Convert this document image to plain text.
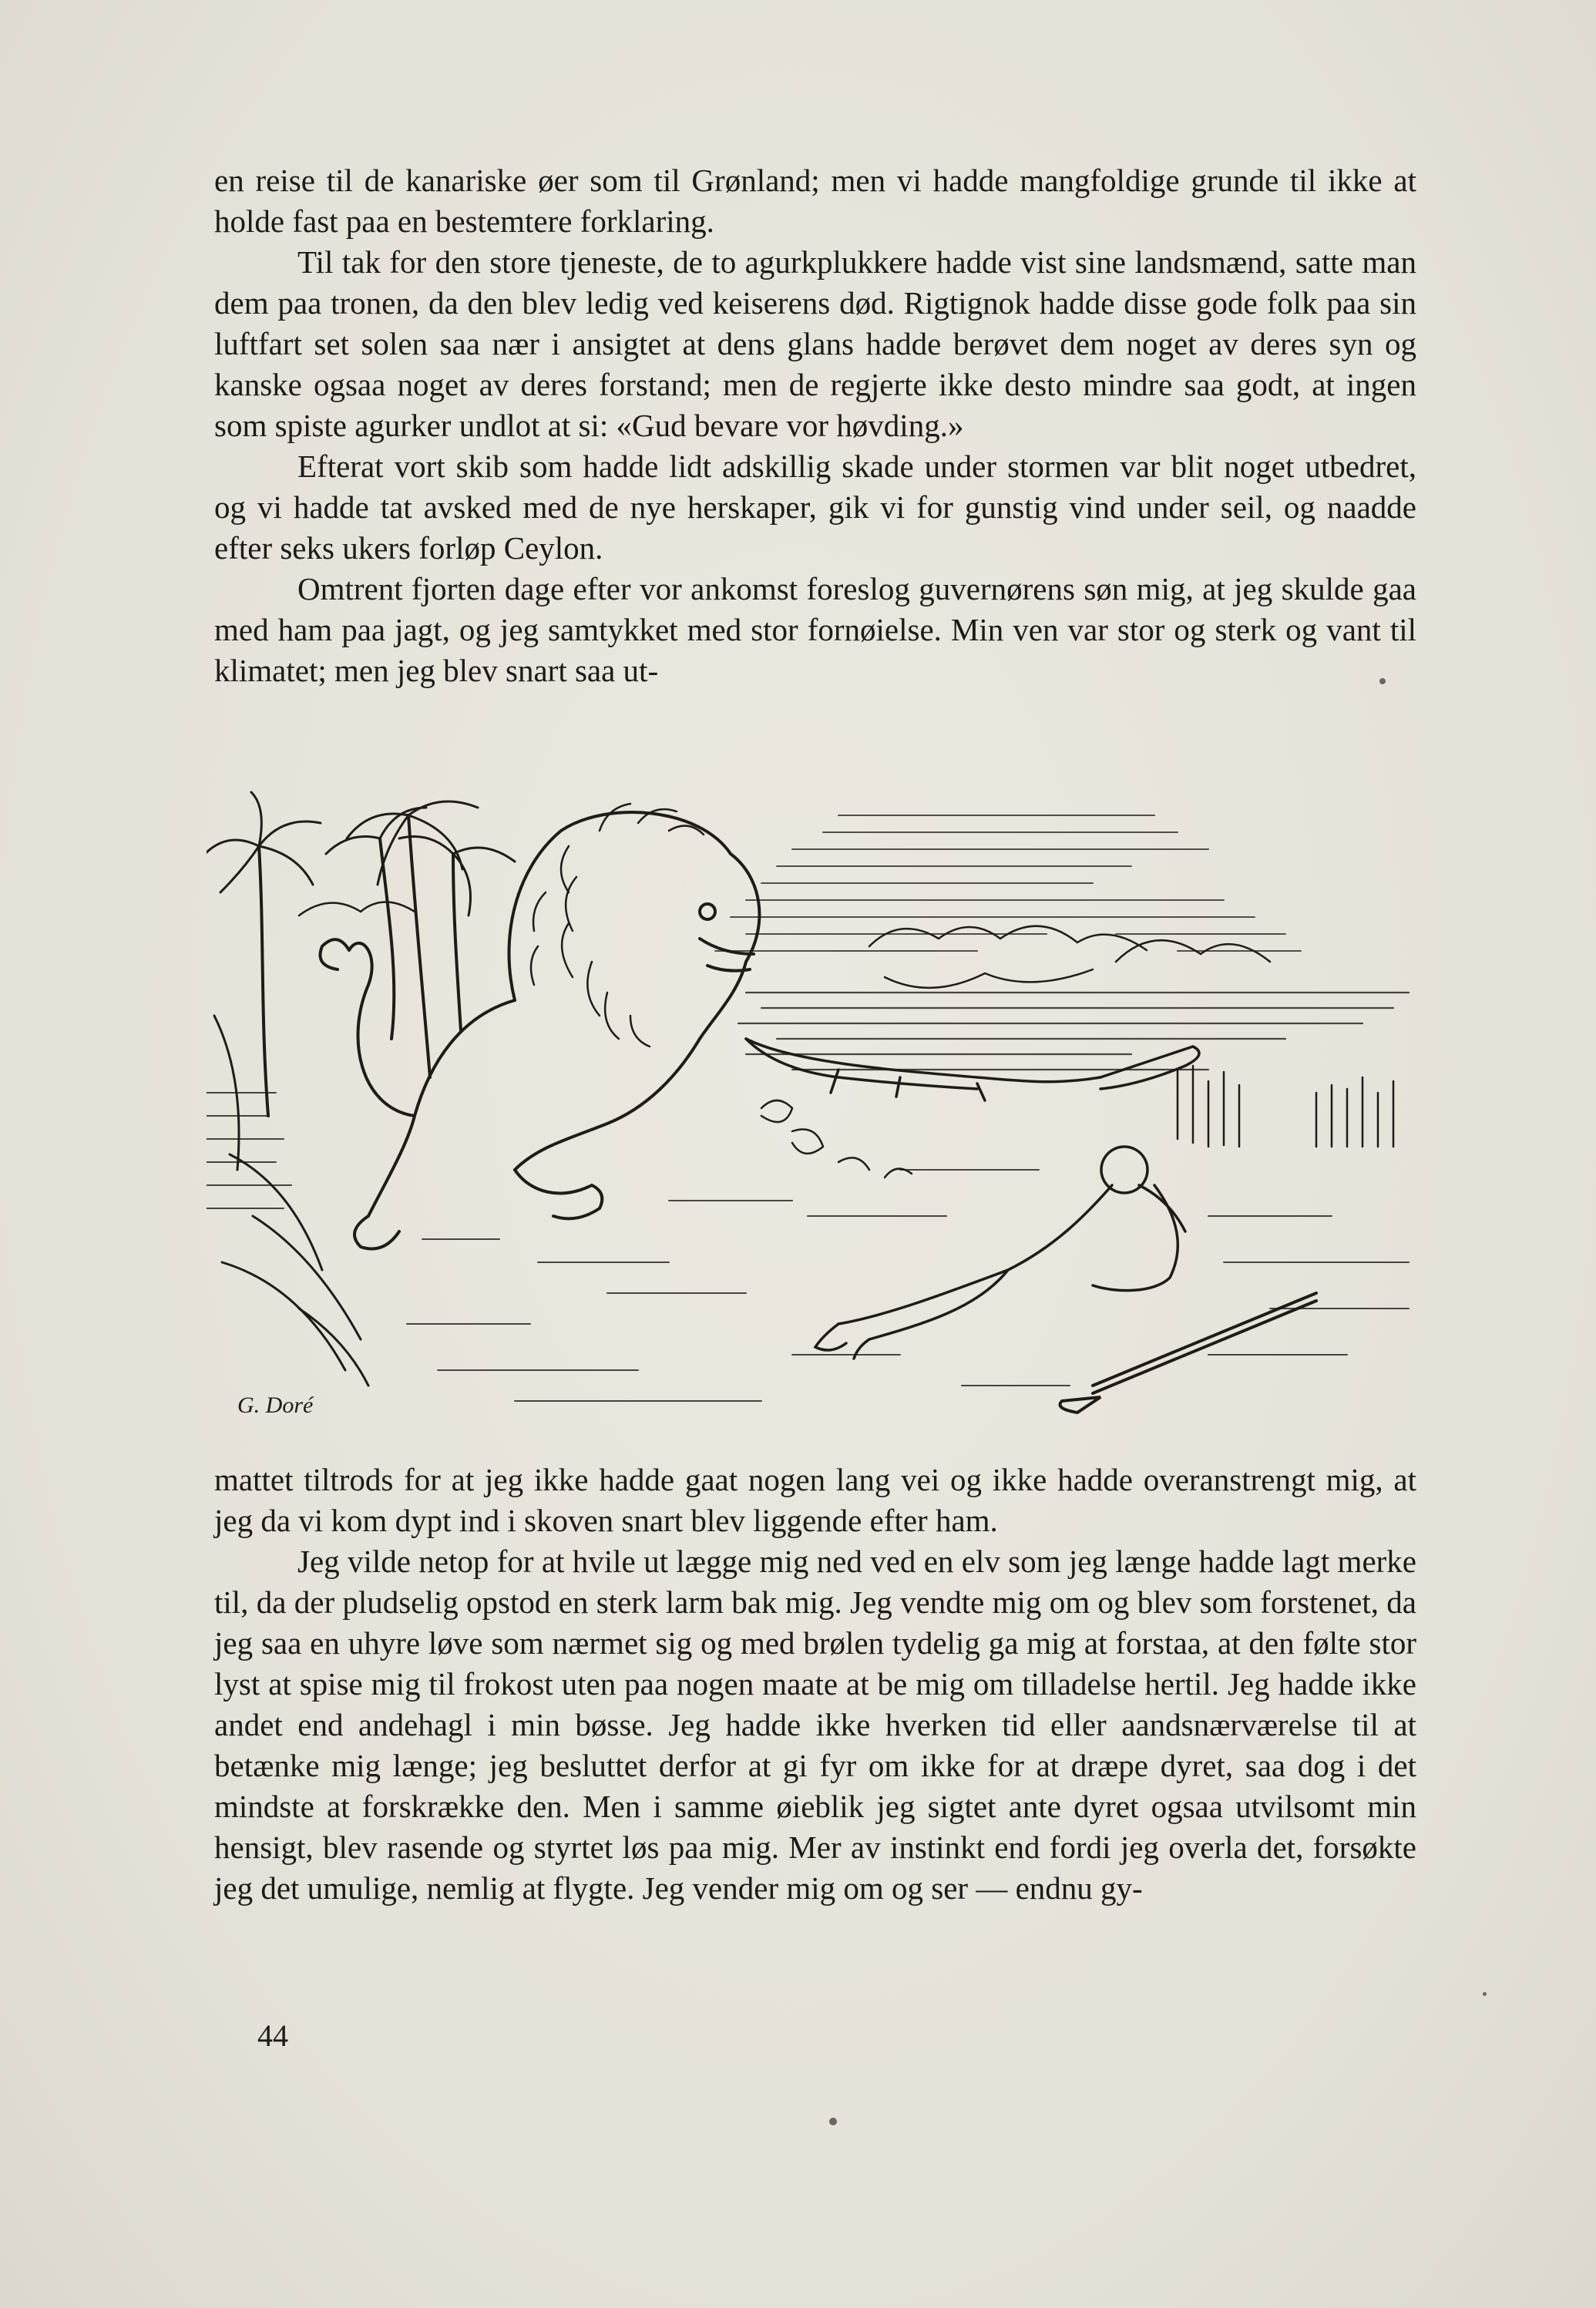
en reise til de kanariske øer som til Grønland; men vi hadde mangfoldige grunde til ikke at holde fast paa en bestemtere forklaring.

Til tak for den store tjeneste, de to agurkplukkere hadde vist sine landsmænd, satte man dem paa tronen, da den blev ledig ved keiserens død. Rigtignok hadde disse gode folk paa sin luftfart set solen saa nær i ansigtet at dens glans hadde berøvet dem noget av deres syn og kanske ogsaa noget av deres forstand; men de regjerte ikke desto mindre saa godt, at ingen som spiste agurker undlot at si: «Gud bevare vor høvding.»

Efterat vort skib som hadde lidt adskillig skade under stormen var blit noget utbedret, og vi hadde tat avsked med de nye herskaper, gik vi for gunstig vind under seil, og naadde efter seks ukers forløp Ceylon.

Omtrent fjorten dage efter vor ankomst foreslog guvernørens søn mig, at jeg skulde gaa med ham paa jagt, og jeg samtykket med stor fornøielse. Min ven var stor og sterk og vant til klimatet; men jeg blev snart saa ut-

G. Doré

mattet tiltrods for at jeg ikke hadde gaat nogen lang vei og ikke hadde overanstrengt mig, at jeg da vi kom dypt ind i skoven snart blev liggende efter ham.

Jeg vilde netop for at hvile ut lægge mig ned ved en elv som jeg længe hadde lagt merke til, da der pludselig opstod en sterk larm bak mig. Jeg vendte mig om og blev som forstenet, da jeg saa en uhyre løve som nærmet sig og med brølen tydelig ga mig at forstaa, at den følte stor lyst at spise mig til frokost uten paa nogen maate at be mig om tilladelse hertil. Jeg hadde ikke andet end andehagl i min bøsse. Jeg hadde ikke hverken tid eller aandsnærværelse til at betænke mig længe; jeg besluttet derfor at gi fyr om ikke for at dræpe dyret, saa dog i det mindste at forskrække den. Men i samme øieblik jeg sigtet ante dyret ogsaa utvilsomt min hensigt, blev rasende og styrtet løs paa mig. Mer av instinkt end fordi jeg overla det, forsøkte jeg det umulige, nemlig at flygte. Jeg vender mig om og ser — endnu gy-

44
